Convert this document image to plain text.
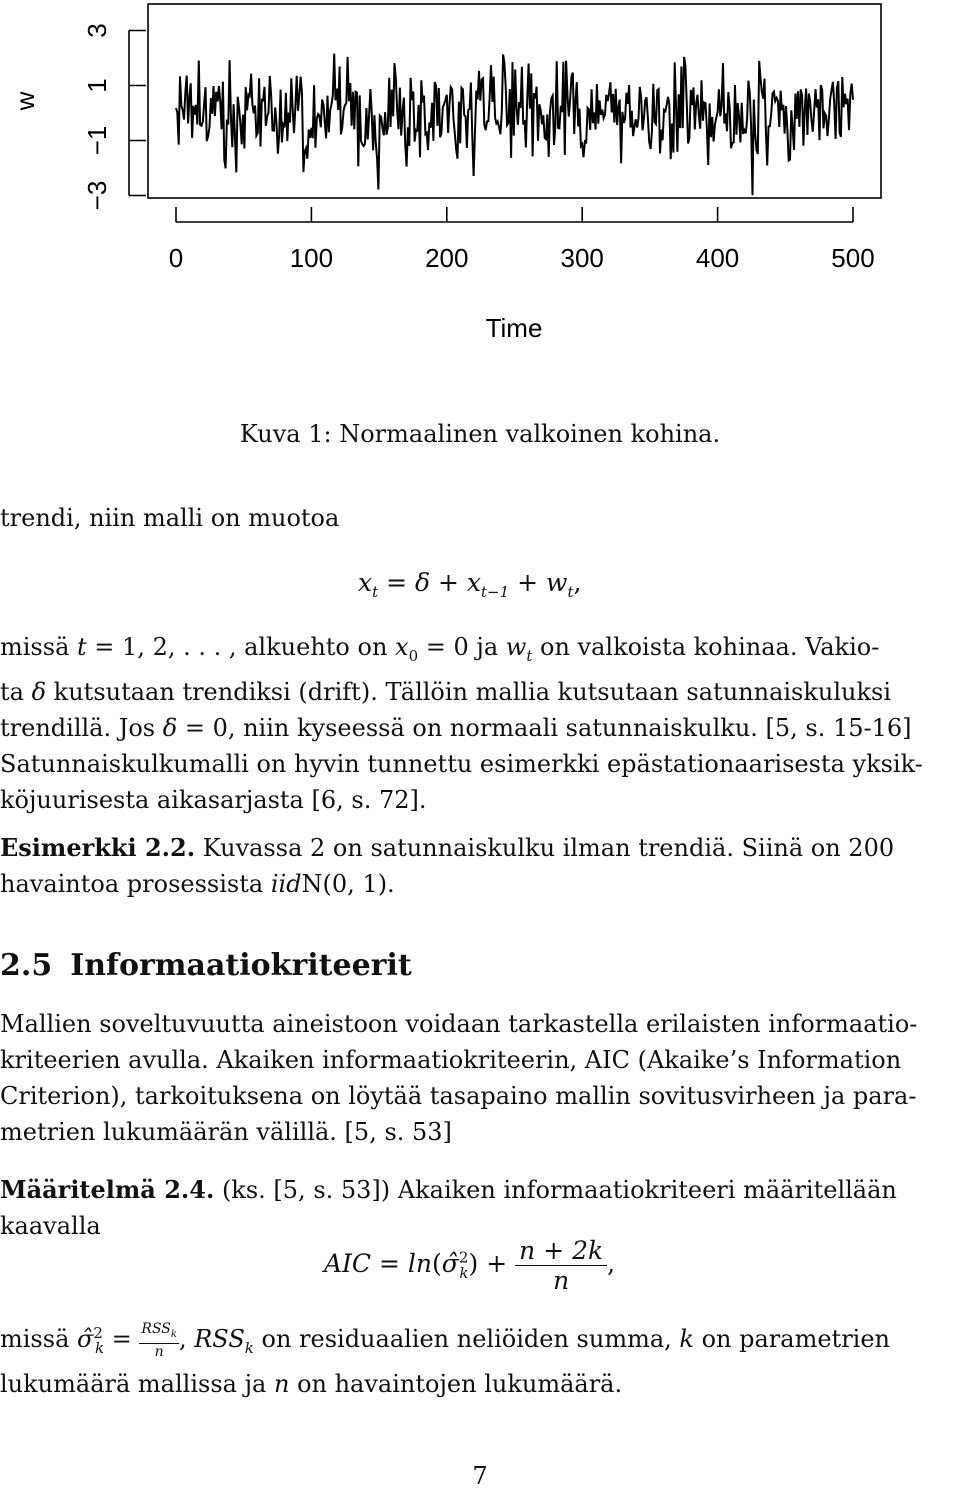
−3
−1
1
3
0	100	200	300	400	500
Time
w
Kuva 1: Normaalinen valkoinen kohina.

trendi, niin malli on muotoa

$x_t = \delta + x_{t-1} + w_t$,
missä t = 1, 2, . . . , alkuehto on $x_0 = 0$ ja $w_t$ on valkoista kohinaa. Vakio-
ta δ kutsutaan trendiksi (drift). Tällöin mallia kutsutaan satunnaiskuluksi
trendillä. Jos δ = 0, niin kyseessä on normaali satunnaiskulku. [5, s. 15-16]
Satunnaiskulkumalli on hyvin tunnettu esimerkki epästationaarisesta yksik-
köjuurisesta aikasarjasta [6, s. 72].
Esimerkki 2.2. Kuvassa 2 on satunnaiskulku ilman trendiä. Siinä on 200
havaintoa prosessista iidN(0, 1).
2.5 Informaatiokriteerit
Mallien soveltuvuutta aineistoon voidaan tarkastella erilaisten informaatio-
kriteerien avulla. Akaiken informaatiokriteerin, AIC (Akaike’s Information
Criterion), tarkoituksena on löytää tasapaino mallin sovitusvirheen ja para-
metrien lukumäärän välillä. [5, s. 53]
Määritelmä 2.4. (ks. [5, s. 53]) Akaiken informaatiokriteeri määritellään
kaavalla
AIC = ln(σ̂$^2_k$) + $\frac{n + 2k}{n}$ ,
missä σ̂$^2_k$ = $RSS_k$
n , $RSS_k$ on residuaalien neliöiden summa, k on parametrien
lukumäärä mallissa ja n on havaintojen lukumäärä.
7
